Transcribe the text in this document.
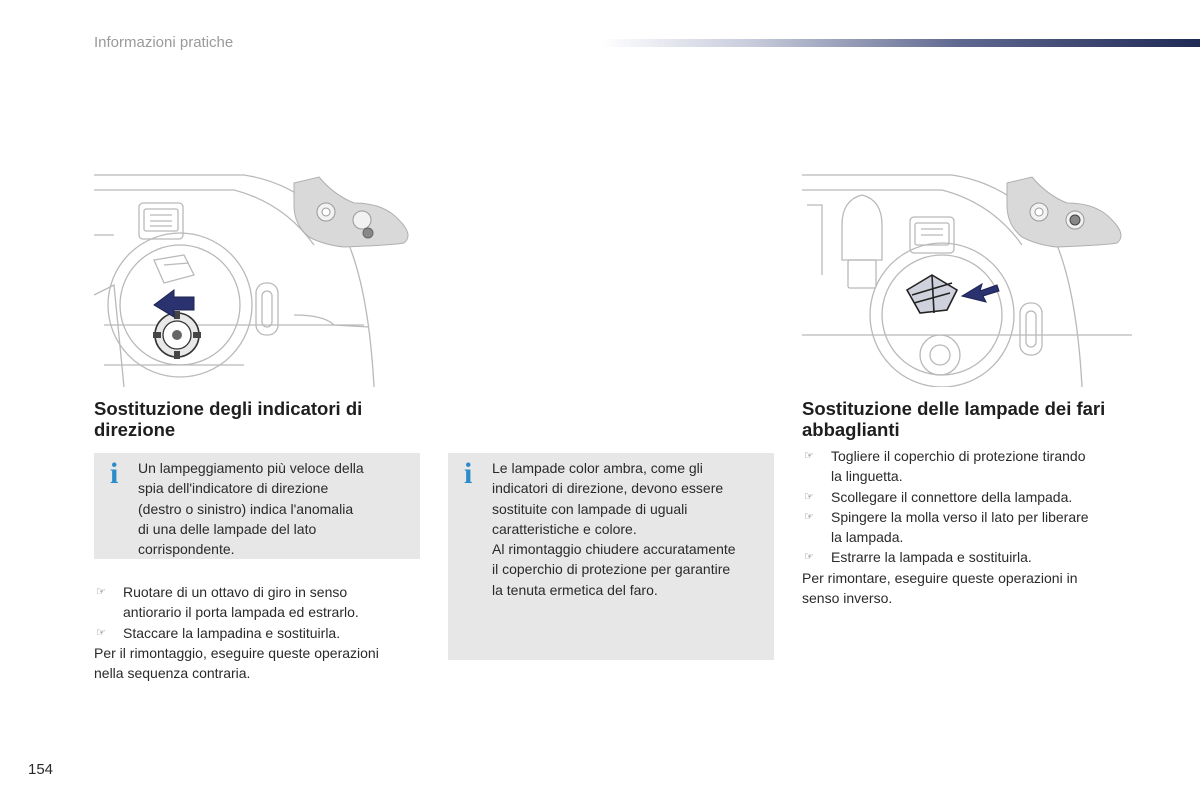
Informazioni pratiche
Sostituzione degli indicatori di direzione
i Un lampeggiamento più veloce della
spia dell'indicatore di direzione
(destro o sinistro) indica l'anomalia
di una delle lampade del lato
corrispondente.
☞ Ruotare di un ottavo di giro in senso
antiorario il porta lampada ed estrarlo.
☞ Staccare la lampadina e sostituirla.
Per il rimontaggio, eseguire queste operazioni
nella sequenza contraria.
i Le lampade color ambra, come gli
indicatori di direzione, devono essere
sostituite con lampade di uguali
caratteristiche e colore.
Al rimontaggio chiudere accuratamente
il coperchio di protezione per garantire
la tenuta ermetica del faro.
Sostituzione delle lampade dei fari abbaglianti
☞ Togliere il coperchio di protezione tirando
la linguetta.
☞ Scollegare il connettore della lampada.
☞ Spingere la molla verso il lato per liberare
la lampada.
☞ Estrarre la lampada e sostituirla.
Per rimontare, eseguire queste operazioni in
senso inverso.
154
